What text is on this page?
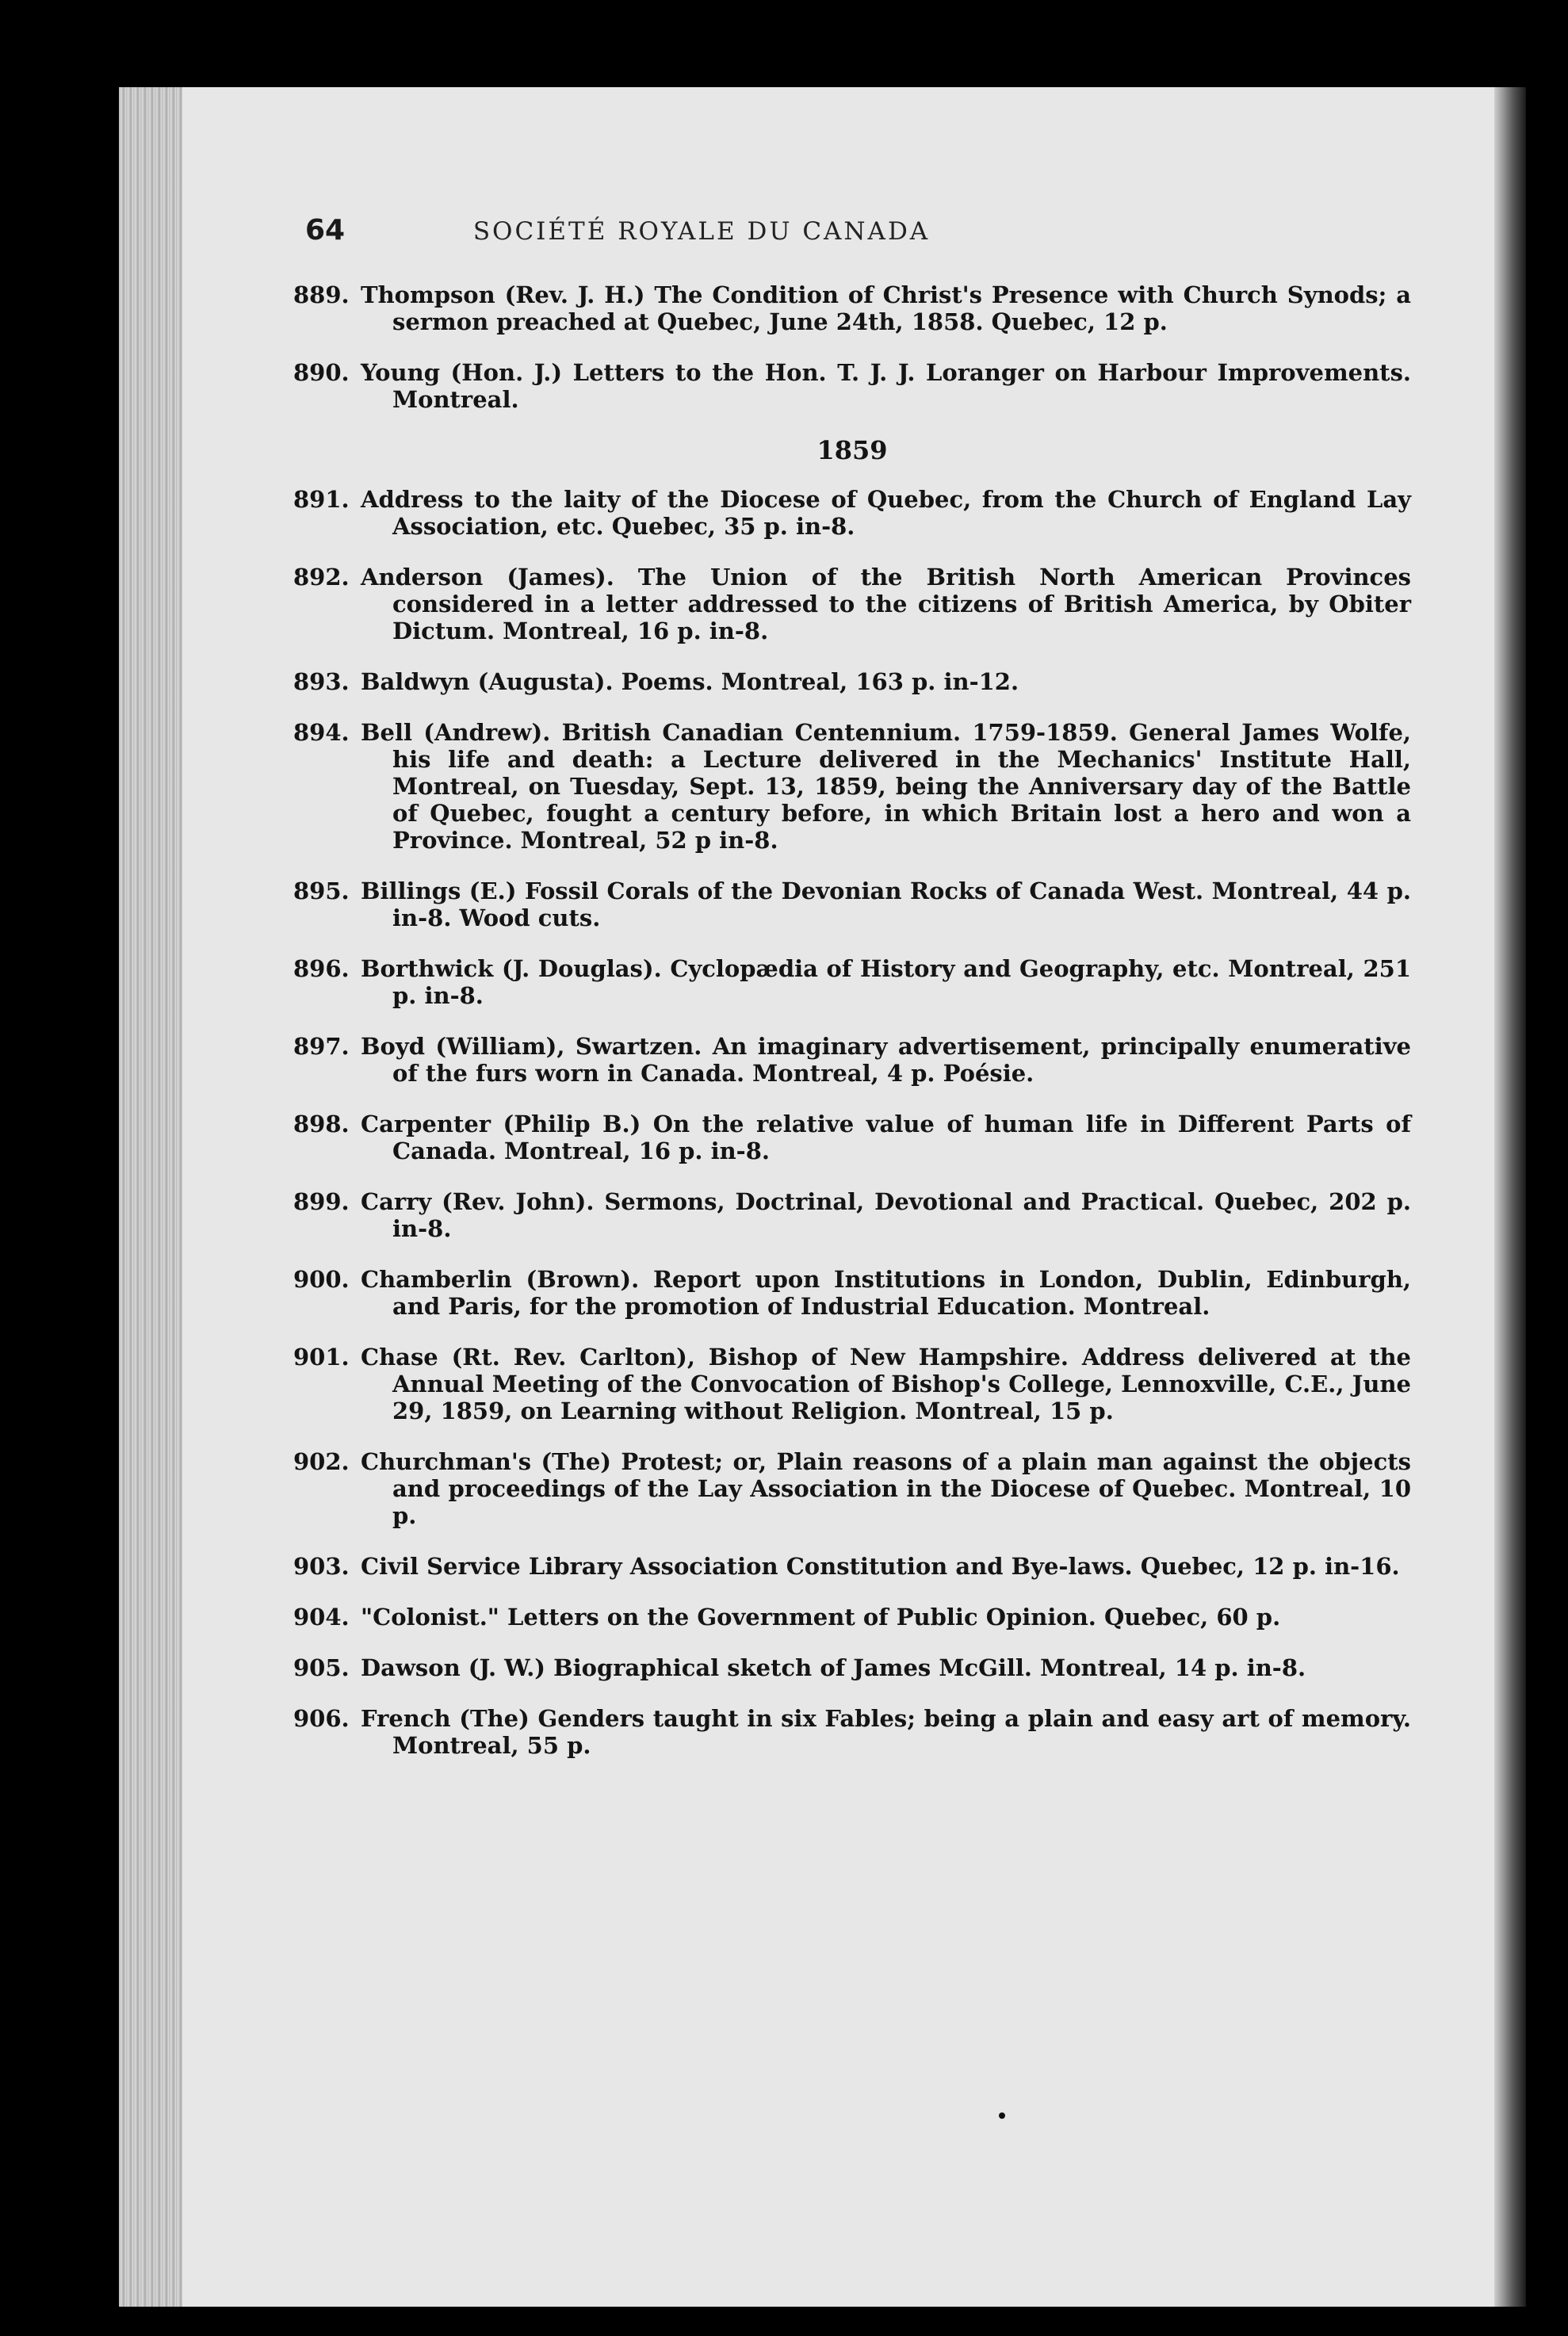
64	SOCIÉTÉ ROYALE DU CANADA
889. Thompson (Rev. J. H.) The Condition of Christ's Presence with Church Synods; a sermon preached at Quebec, June 24th, 1858. Quebec, 12 p.
890. Young (Hon. J.) Letters to the Hon. T. J. J. Loranger on Harbour Improvements. Montreal.
1859
891. Address to the laity of the Diocese of Quebec, from the Church of England Lay Association, etc. Quebec, 35 p. in-8.
892. Anderson (James). The Union of the British North American Provinces considered in a letter addressed to the citizens of British America, by Obiter Dictum. Montreal, 16 p. in-8.
893. Baldwyn (Augusta). Poems. Montreal, 163 p. in-12.
894. Bell (Andrew). British Canadian Centennium. 1759-1859. General James Wolfe, his life and death: a Lecture delivered in the Mechanics' Institute Hall, Montreal, on Tuesday, Sept. 13, 1859, being the Anniversary day of the Battle of Quebec, fought a century before, in which Britain lost a hero and won a Province. Montreal, 52 p in-8.
895. Billings (E.) Fossil Corals of the Devonian Rocks of Canada West. Montreal, 44 p. in-8. Wood cuts.
896. Borthwick (J. Douglas). Cyclopædia of History and Geography, etc. Montreal, 251 p. in-8.
897. Boyd (William), Swartzen. An imaginary advertisement, principally enumerative of the furs worn in Canada. Montreal, 4 p. Poésie.
898. Carpenter (Philip B.) On the relative value of human life in Different Parts of Canada. Montreal, 16 p. in-8.
899. Carry (Rev. John). Sermons, Doctrinal, Devotional and Practical. Quebec, 202 p. in-8.
900. Chamberlin (Brown). Report upon Institutions in London, Dublin, Edinburgh, and Paris, for the promotion of Industrial Education. Montreal.
901. Chase (Rt. Rev. Carlton), Bishop of New Hampshire. Address delivered at the Annual Meeting of the Convocation of Bishop's College, Lennoxville, C.E., June 29, 1859, on Learning without Religion. Montreal, 15 p.
902. Churchman's (The) Protest; or, Plain reasons of a plain man against the objects and proceedings of the Lay Association in the Diocese of Quebec. Montreal, 10 p.
903. Civil Service Library Association Constitution and Bye-laws. Quebec, 12 p. in-16.
904. "Colonist." Letters on the Government of Public Opinion. Quebec, 60 p.
905. Dawson (J. W.) Biographical sketch of James McGill. Montreal, 14 p. in-8.
906. French (The) Genders taught in six Fables; being a plain and easy art of memory. Montreal, 55 p.
